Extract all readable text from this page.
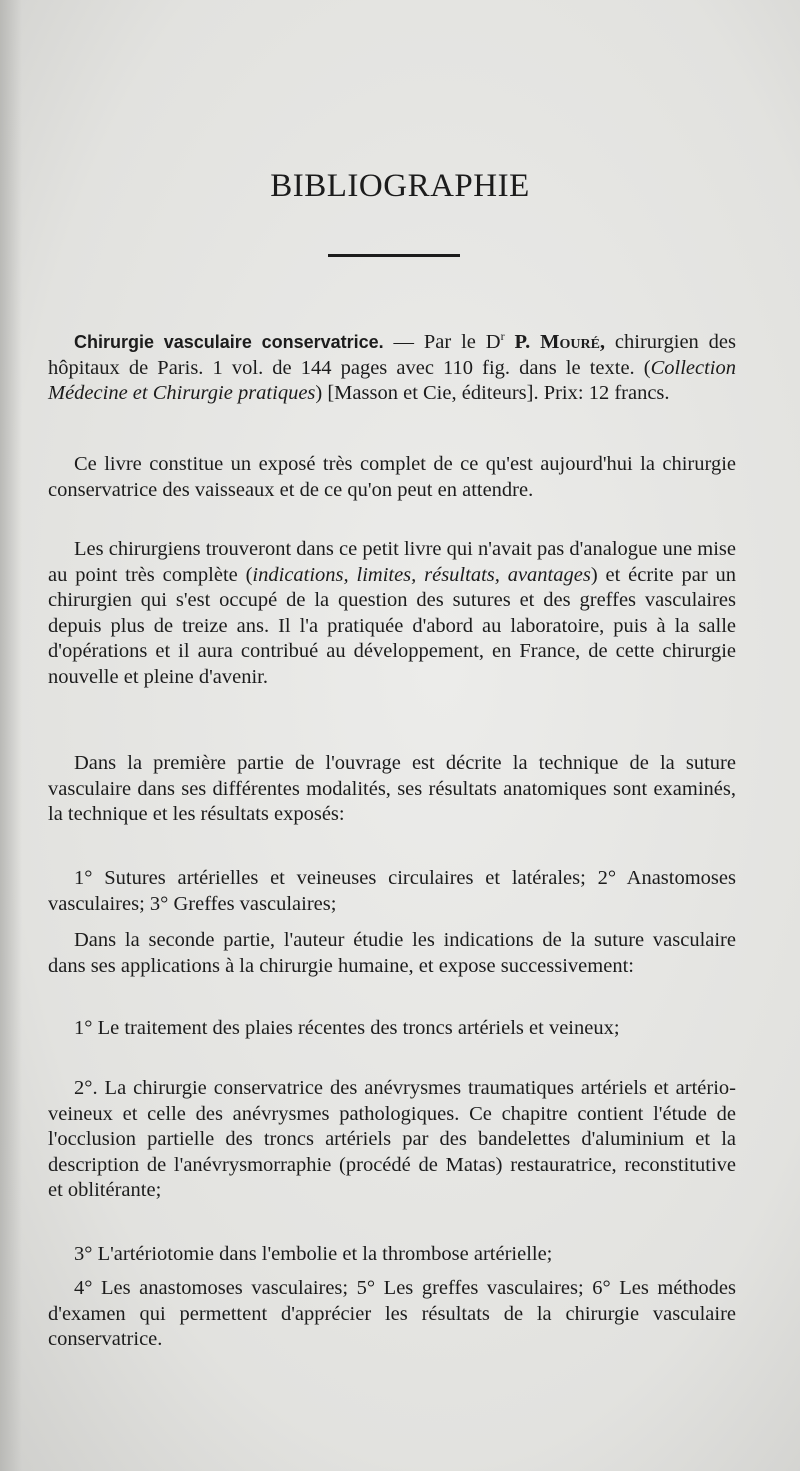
BIBLIOGRAPHIE

Chirurgie vasculaire conservatrice. — Par le $D^r$ P. Mouré, chirurgien des hôpitaux de Paris. 1 vol. de 144 pages avec 110 fig. dans le texte. (Collection Médecine et Chirurgie pratiques) [Masson et Cie, éditeurs]. Prix: 12 francs.

Ce livre constitue un exposé très complet de ce qu'est aujourd'hui la chirurgie conservatrice des vaisseaux et de ce qu'on peut en attendre.

Les chirurgiens trouveront dans ce petit livre qui n'avait pas d'analogue une mise au point très complète (indications, limites, résultats, avantages) et écrite par un chirurgien qui s'est occupé de la question des sutures et des greffes vasculaires depuis plus de treize ans. Il l'a pratiquée d'abord au laboratoire, puis à la salle d'opérations et il aura contribué au développement, en France, de cette chirurgie nouvelle et pleine d'avenir.

Dans la première partie de l'ouvrage est décrite la technique de la suture vasculaire dans ses différentes modalités, ses résultats anatomiques sont examinés, la technique et les résultats exposés:

1° Sutures artérielles et veineuses circulaires et latérales; 2° Anastomoses vasculaires; 3° Greffes vasculaires;

Dans la seconde partie, l'auteur étudie les indications de la suture vasculaire dans ses applications à la chirurgie humaine, et expose successivement:

1° Le traitement des plaies récentes des troncs artériels et veineux;

2°. La chirurgie conservatrice des anévrysmes traumatiques artériels et artério-veineux et celle des anévrysmes pathologiques. Ce chapitre contient l'étude de l'occlusion partielle des troncs artériels par des bandelettes d'aluminium et la description de l'anévrysmorraphie (procédé de Matas) restauratrice, reconstitutive et oblitérante;

3° L'artériotomie dans l'embolie et la thrombose artérielle;

4° Les anastomoses vasculaires; 5° Les greffes vasculaires; 6° Les méthodes d'examen qui permettent d'apprécier les résultats de la chirurgie vasculaire conservatrice.
